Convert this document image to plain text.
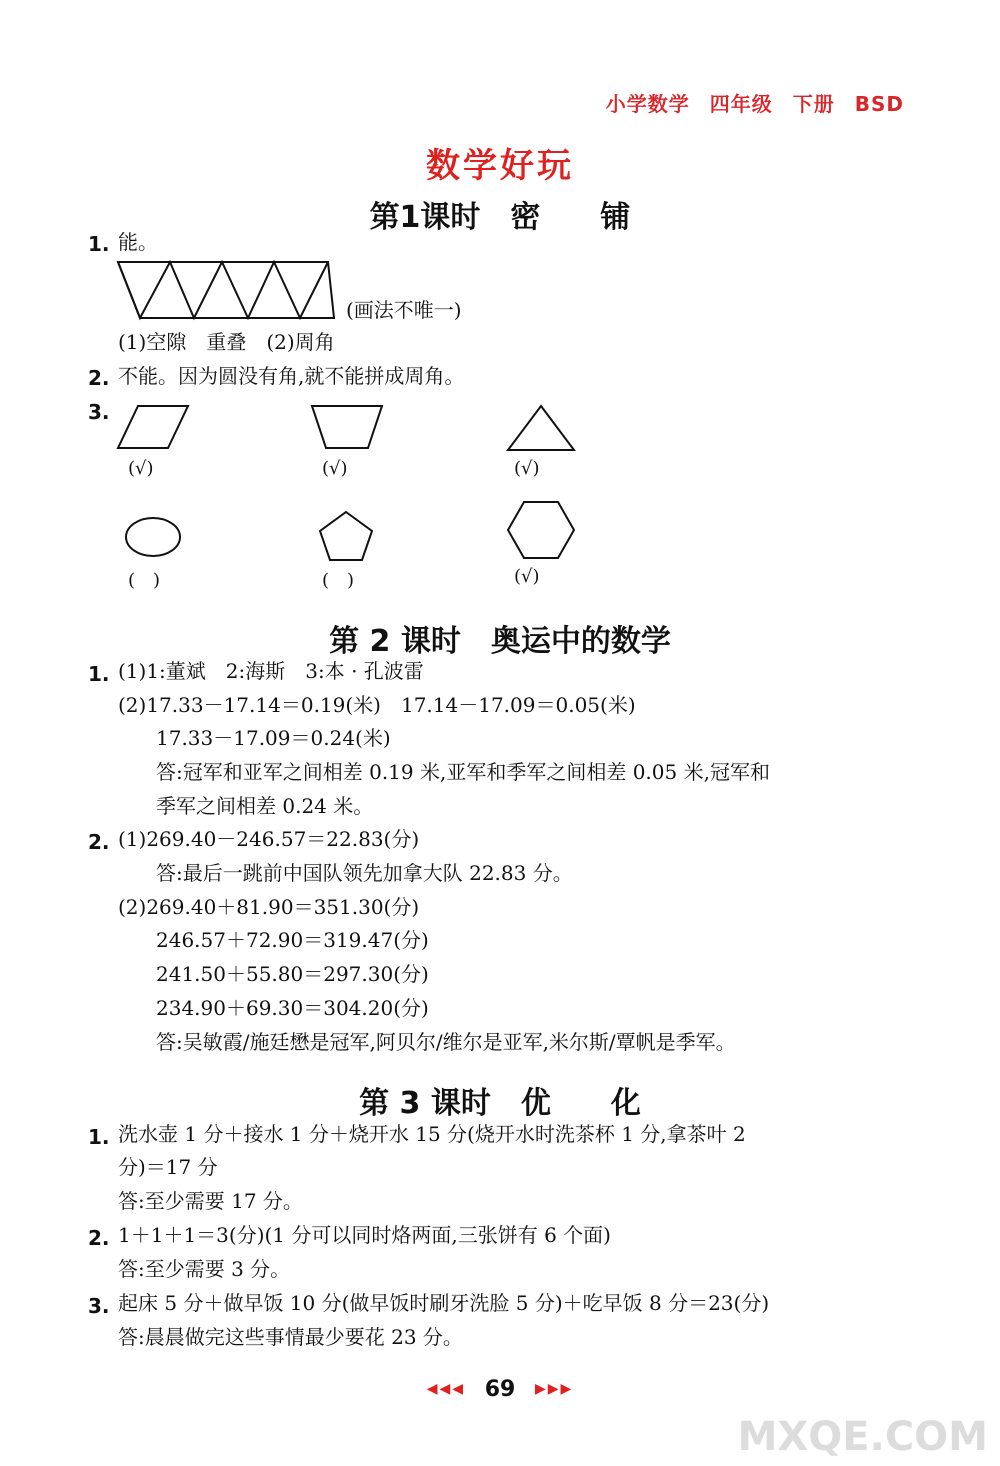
小学数学 四年级 下册 BSD
数学好玩
第1课时　密　　铺
1. 能。
(画法不唯一)
(1)空隙　重叠　(2)周角
2. 不能。因为圆没有角,就不能拼成周角。
3.
(√)	(√)	(√)
(　)	(　)	(√)
第 2 课时　奥运中的数学
1. (1)1:董斌　2:海斯　3:本 · 孔波雷
(2)17.33－17.14＝0.19(米)　17.14－17.09＝0.05(米)
17.33－17.09＝0.24(米)
答:冠军和亚军之间相差 0.19 米,亚军和季军之间相差 0.05 米,冠军和
季军之间相差 0.24 米。
2. (1)269.40－246.57＝22.83(分)
答:最后一跳前中国队领先加拿大队 22.83 分。
(2)269.40＋81.90＝351.30(分)
246.57＋72.90＝319.47(分)
241.50＋55.80＝297.30(分)
234.90＋69.30＝304.20(分)
答:吴敏霞/施廷懋是冠军,阿贝尔/维尔是亚军,米尔斯/覃帆是季军。
第 3 课时　优　　化
1. 洗水壶 1 分＋接水 1 分＋烧开水 15 分(烧开水时洗茶杯 1 分,拿茶叶 2
分)＝17 分
答:至少需要 17 分。
2. 1＋1＋1＝3(分)(1 分可以同时烙两面,三张饼有 6 个面)
答:至少需要 3 分。
3. 起床 5 分＋做早饭 10 分(做早饭时刷牙洗脸 5 分)＋吃早饭 8 分＝23(分)
答:晨晨做完这些事情最少要花 23 分。
◀◀◀ 69 ▶▶▶
MXQE.COM
